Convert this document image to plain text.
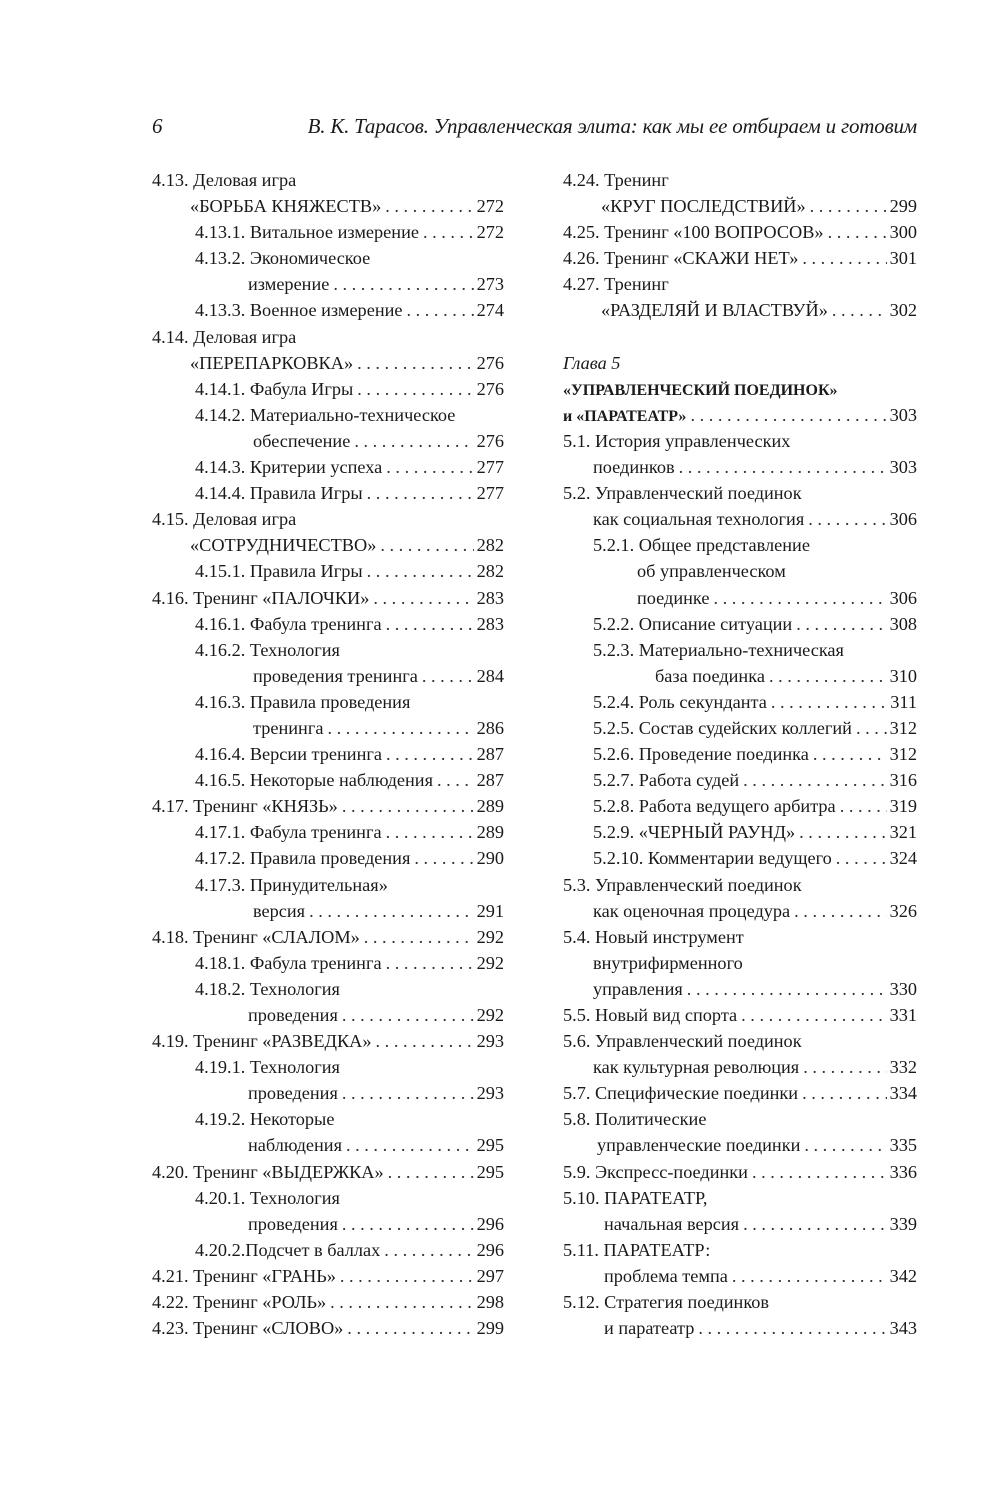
6	В. К. Тарасов. Управленческая элита: как мы ее отбираем и готовим
4.13. Деловая игра
«БОРЬБА КНЯЖЕСТВ» . . .	272
4.13.1. Витальное измерение . . .	272
4.13.2. Экономическое
измерение . . .	273
4.13.3. Военное измерение . . .	274
4.14. Деловая игра
«ПЕРЕПАРКОВКА» . . .	276
4.14.1. Фабула Игры . . .	276
4.14.2. Материально-техническое
обеспечение . . .	276
4.14.3. Критерии успеха . . .	277
4.14.4. Правила Игры . . .	277
4.15. Деловая игра
«СОТРУДНИЧЕСТВО» . . .	282
4.15.1. Правила Игры . . .	282
4.16. Тренинг «ПАЛОЧКИ» . . .	283
4.16.1. Фабула тренинга . . .	283
4.16.2. Технология
проведения тренинга . . .	284
4.16.3. Правила проведения
тренинга . . .	286
4.16.4. Версии тренинга . . .	287
4.16.5. Некоторые наблюдения . . . 287
4.17. Тренинг «КНЯЗЬ» . . .	289
4.17.1. Фабула тренинга . . .	289
4.17.2. Правила проведения . . .	290
4.17.3. Принудительная»
версия . . .	291
4.18. Тренинг «СЛАЛОМ» . . .	292
4.18.1. Фабула тренинга . . .	292
4.18.2. Технология
проведения . . .	292
4.19. Тренинг «РАЗВЕДКА» . . .	293
4.19.1. Технология
проведения . . .	293
4.19.2. Некоторые
наблюдения . . .	295
4.20. Тренинг «ВЫДЕРЖКА» . . .	295
4.20.1. Технология
проведения . . .	296
4.20.2.Подсчет в баллах . . .	296
4.21. Тренинг «ГРАНЬ» . . .	297
4.22. Тренинг «РОЛЬ» . . .	298
4.23. Тренинг «СЛОВО» . . .	299
4.24. Тренинг
«КРУГ ПОСЛЕДСТВИЙ» . . .	299
4.25. Тренинг «100 ВОПРОСОВ» . . .	300
4.26. Тренинг «СКАЖИ НЕТ» . . .	301
4.27. Тренинг
«РАЗДЕЛЯЙ И ВЛАСТВУЙ» . . .	302
Глава 5
«УПРАВЛЕНЧЕСКИЙ ПОЕДИНОК»
и «ПАРАТЕАТР» . . .	303
5.1. История управленческих
поединков . . .	303
5.2. Управленческий поединок
как социальная технология . . .	306
5.2.1. Общее представление
об управленческом
поединке . . .	306
5.2.2. Описание ситуации . . .	308
5.2.3. Материально-техническая
база поединка . . .	310
5.2.4. Роль секунданта . . .	311
5.2.5. Состав судейских коллегий . . . 312
5.2.6. Проведение поединка . . .	312
5.2.7. Работа судей . . .	316
5.2.8. Работа ведущего арбитра . . .	319
5.2.9. «ЧЕРНЫЙ РАУНД» . . .	321
5.2.10. Комментарии ведущего . . .	324
5.3. Управленческий поединок
как оценочная процедура . . .	326
5.4. Новый инструмент
внутрифирменного
управления . . .	330
5.5. Новый вид спорта . . .	331
5.6. Управленческий поединок
как культурная революция . . .	332
5.7. Специфические поединки . . .	334
5.8. Политические
управленческие поединки . . .	335
5.9. Экспресс-поединки . . .	336
5.10. ПАРАТЕАТР,
начальная версия . . .	339
5.11. ПАРАТЕАТР:
проблема темпа . . .	342
5.12. Стратегия поединков
и паратеатр . . .	343
